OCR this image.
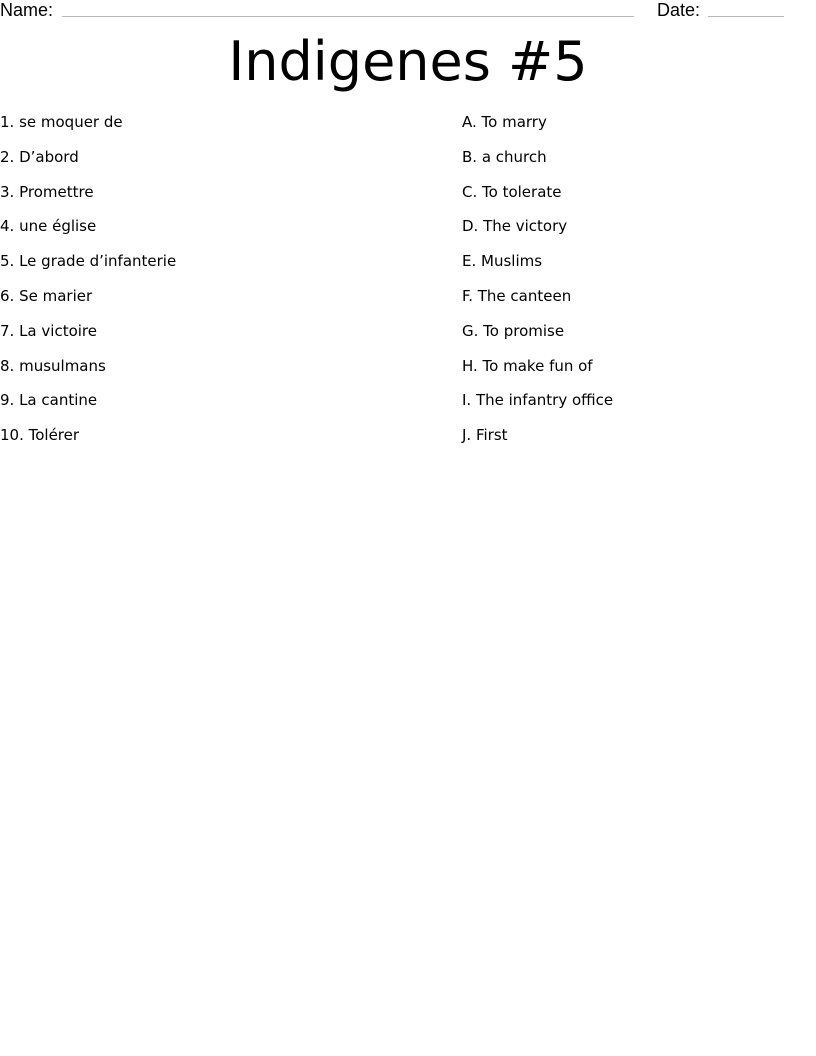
Name:	Date:
Indigenes #5
1. se moquer de
2. D’abord
3. Promettre
4. une église
5. Le grade d’infanterie
6. Se marier
7. La victoire
8. musulmans
9. La cantine
10. Tolérer
A. To marry
B. a church
C. To tolerate
D. The victory
E. Muslims
F. The canteen
G. To promise
H. To make fun of
I. The infantry office
J. First
